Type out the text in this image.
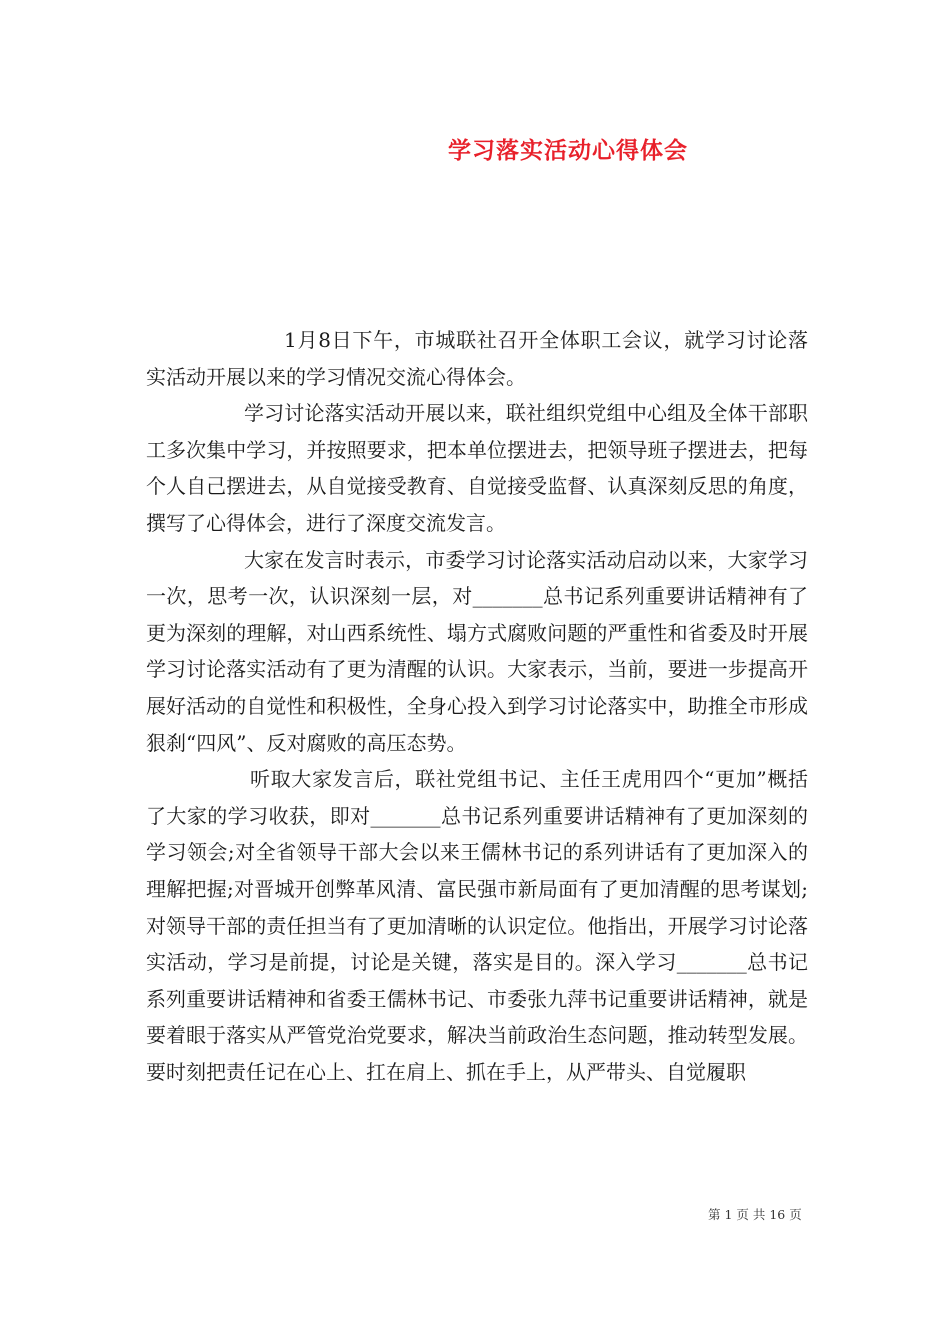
学习落实活动心得体会

1月8日下午，市城联社召开全体职工会议，就学习讨论落实活动开展以来的学习情况交流心得体会。

学习讨论落实活动开展以来，联社组织党组中心组及全体干部职工多次集中学习，并按照要求，把本单位摆进去，把领导班子摆进去，把每个人自己摆进去，从自觉接受教育、自觉接受监督、认真深刻反思的角度，撰写了心得体会，进行了深度交流发言。

大家在发言时表示，市委学习讨论落实活动启动以来，大家学习一次，思考一次，认识深刻一层，对_______总书记系列重要讲话精神有了更为深刻的理解，对山西系统性、塌方式腐败问题的严重性和省委及时开展学习讨论落实活动有了更为清醒的认识。大家表示，当前，要进一步提高开展好活动的自觉性和积极性，全身心投入到学习讨论落实中，助推全市形成狠刹“四风”、反对腐败的高压态势。

听取大家发言后，联社党组书记、主任王虎用四个“更加”概括了大家的学习收获，即对_______总书记系列重要讲话精神有了更加深刻的学习领会;对全省领导干部大会以来王儒林书记的系列讲话有了更加深入的理解把握;对晋城开创弊革风清、富民强市新局面有了更加清醒的思考谋划;对领导干部的责任担当有了更加清晰的认识定位。他指出，开展学习讨论落实活动，学习是前提，讨论是关键，落实是目的。深入学习_______总书记系列重要讲话精神和省委王儒林书记、市委张九萍书记重要讲话精神，就是要着眼于落实从严管党治党要求，解决当前政治生态问题，推动转型发展。要时刻把责任记在心上、扛在肩上、抓在手上，从严带头、自觉履职

第 1 页 共 16 页
